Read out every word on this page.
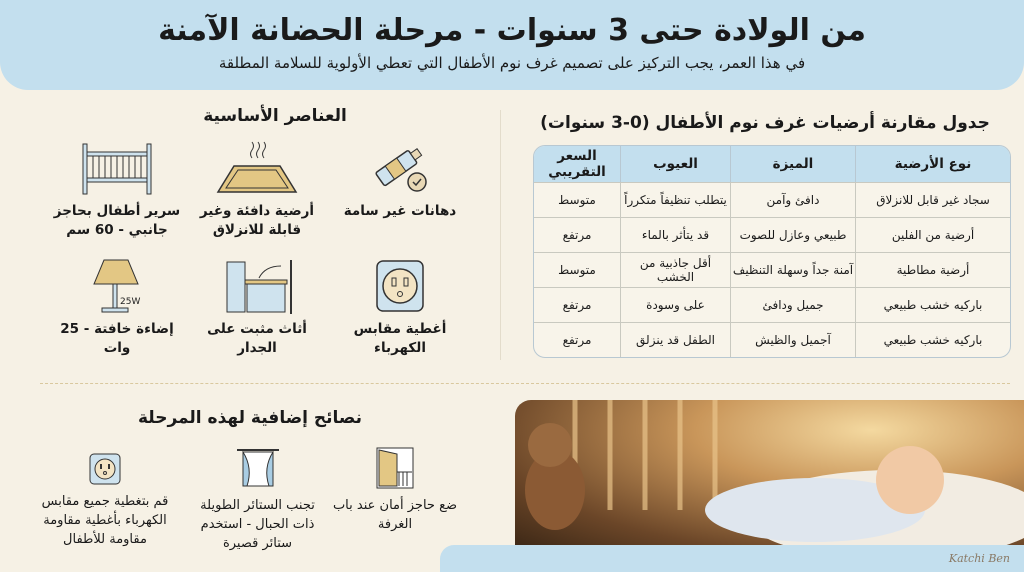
من الولادة حتى 3 سنوات - مرحلة الحضانة الآمنة
في هذا العمر، يجب التركيز على تصميم غرف نوم الأطفال التي تعطي الأولوية للسلامة المطلقة
العناصر الأساسية
دهانات غير سامة
أرضية دافئة وغير قابلة للانزلاق
سرير أطفال بحاجز جانبي - 60 سم
أغطية مقابس الكهرباء
أثاث مثبت على الجدار
25W
إضاءة خافتة - 25 وات
جدول مقارنة أرضيات غرف نوم الأطفال (0-3 سنوات)
نوع الأرضية	الميزة	العيوب	السعر التقريبي
سجاد غير قابل للانزلاق	دافئ وآمن	يتطلب تنظيفاً متكرراً	متوسط
أرضية من الفلين	طبيعي وعازل للصوت	قد يتأثر بالماء	مرتفع
أرضية مطاطية	آمنة جداً وسهلة التنظيف	أقل جاذبية من الخشب	متوسط
باركيه خشب طبيعي	جميل ودافئ	على وسودة	مرتفع
باركيه خشب طبيعي	آجميل والظيش	الطفل قد ينزلق	مرتفع
نصائح إضافية لهذه المرحلة
ضع حاجز أمان عند باب الغرفة
تجنب الستائر الطويلة ذات الحبال - استخدم ستائر قصيرة
قم بتغطية جميع مقابس الكهرباء بأغطية مقاومة مقاومة للأطفال
Katchi Ben
